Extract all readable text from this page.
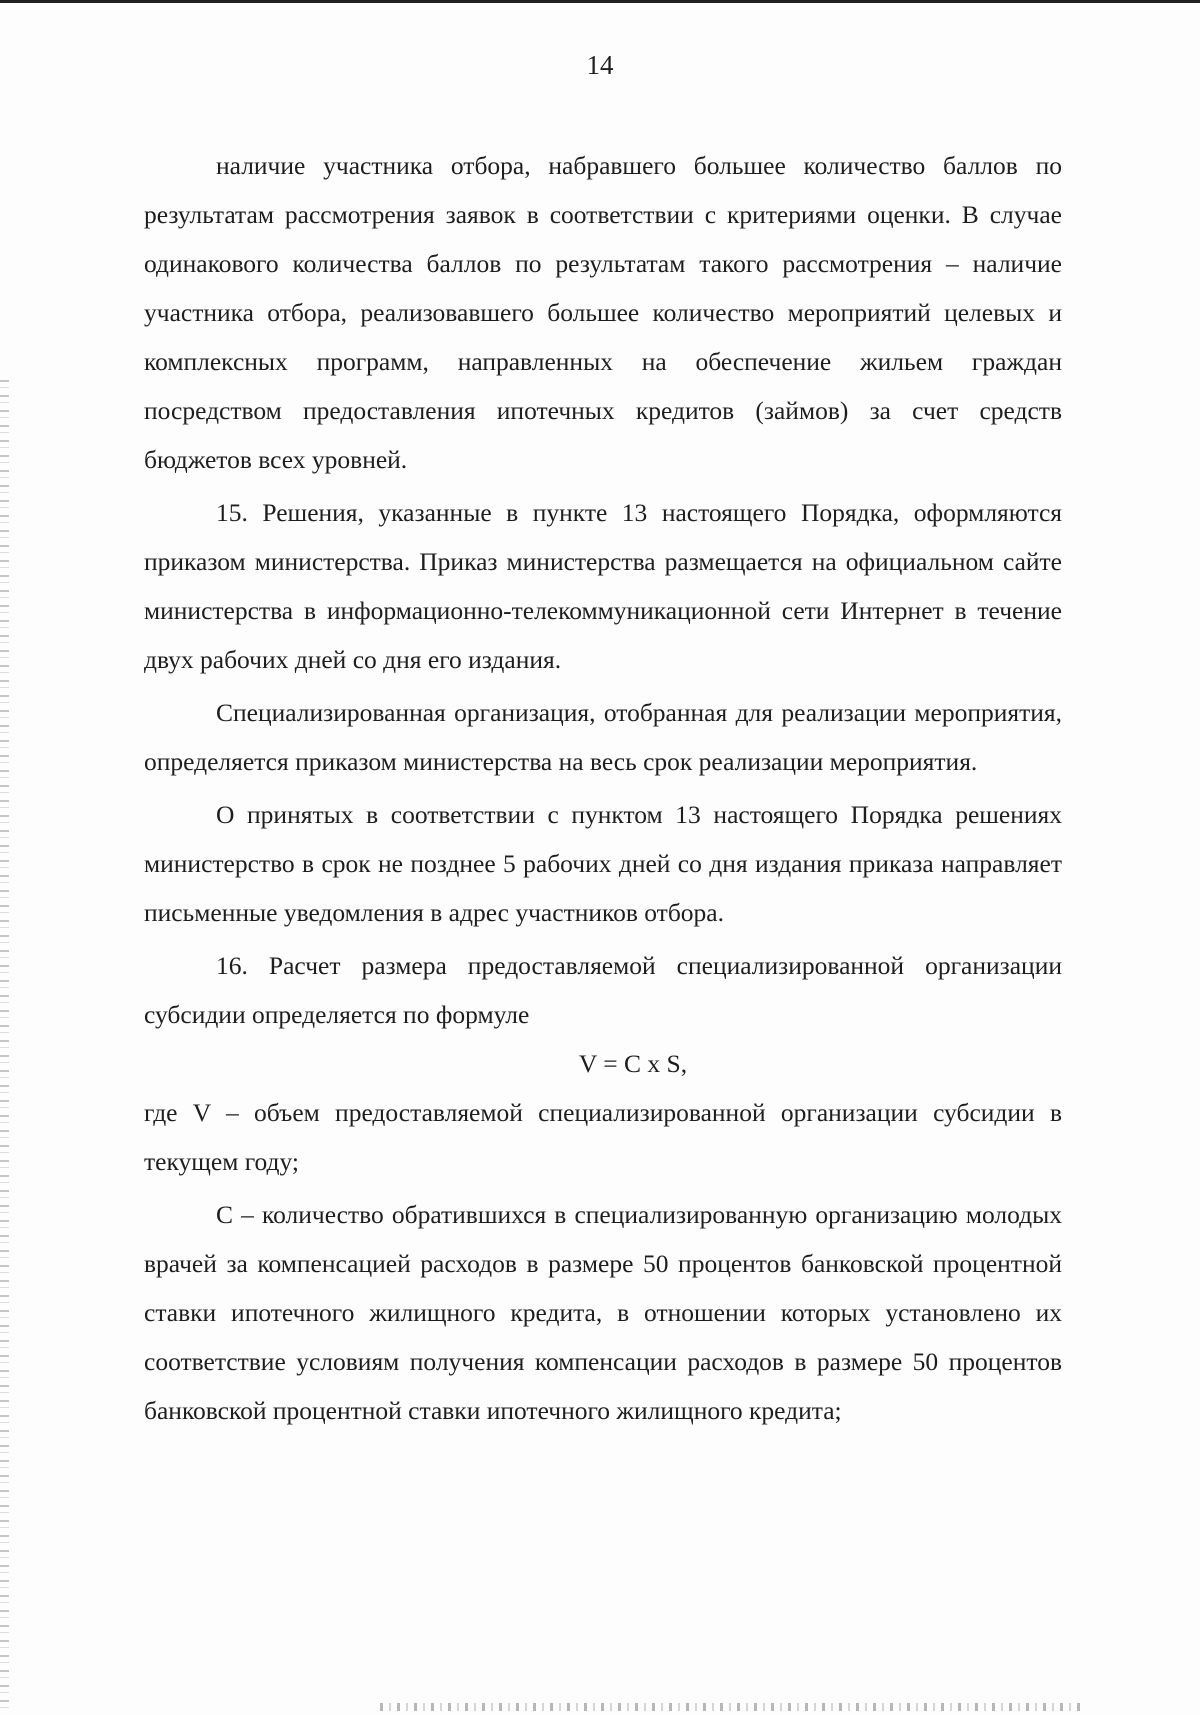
14

наличие участника отбора, набравшего большее количество баллов по результатам рассмотрения заявок в соответствии с критериями оценки. В случае одинакового количества баллов по результатам такого рассмотрения – наличие участника отбора, реализовавшего большее количество мероприятий целевых и комплексных программ, направленных на обеспечение жильем граждан посредством предоставления ипотечных кредитов (займов) за счет средств бюджетов всех уровней.

15. Решения, указанные в пункте 13 настоящего Порядка, оформляются приказом министерства. Приказ министерства размещается на официальном сайте министерства в информационно-телекоммуникационной сети Интернет в течение двух рабочих дней со дня его издания.

Специализированная организация, отобранная для реализации мероприятия, определяется приказом министерства на весь срок реализации мероприятия.

О принятых в соответствии с пунктом 13 настоящего Порядка решениях министерство в срок не позднее 5 рабочих дней со дня издания приказа направляет письменные уведомления в адрес участников отбора.

16. Расчет размера предоставляемой специализированной организации субсидии определяется по формуле

V = C x S,

где V – объем предоставляемой специализированной организации субсидии в текущем году;

С – количество обратившихся в специализированную организацию молодых врачей за компенсацией расходов в размере 50 процентов банковской процентной ставки ипотечного жилищного кредита, в отношении которых установлено их соответствие условиям получения компенсации расходов в размере 50 процентов банковской процентной ставки ипотечного жилищного кредита;
